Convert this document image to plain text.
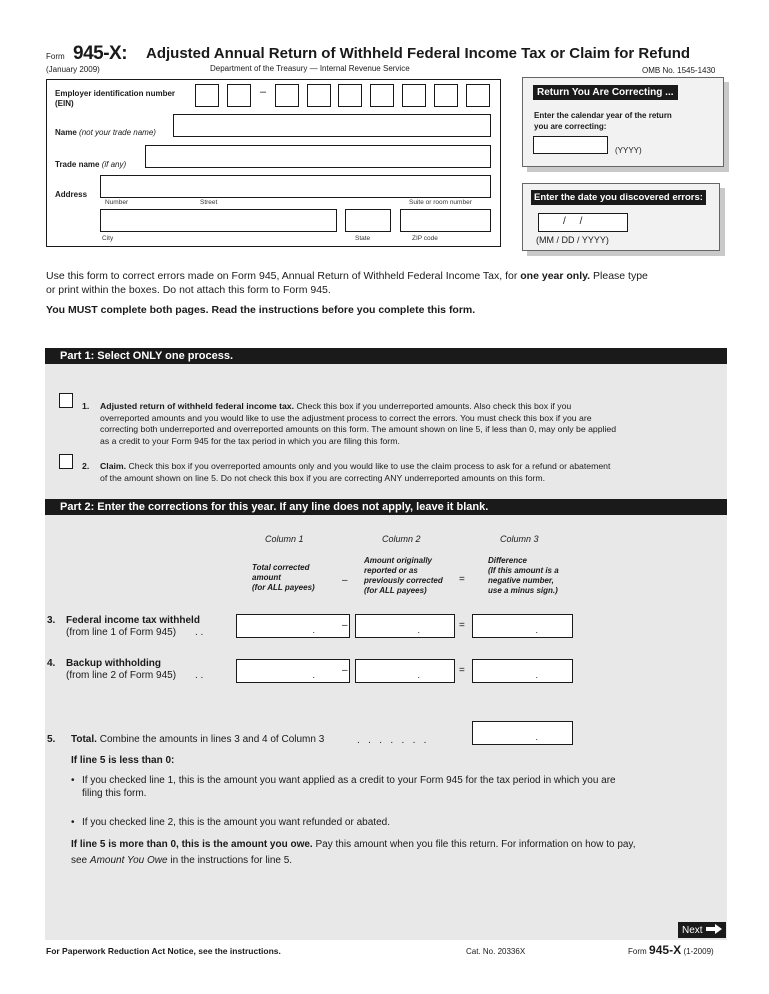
Form 945-X: Adjusted Annual Return of Withheld Federal Income Tax or Claim for Refund
(January 2009)	Department of the Treasury — Internal Revenue Service	OMB No. 1545-1430
Employer identification number
(EIN)
–
Name (not your trade name)
Trade name (if any)
Address
Number	Street	Suite or room number
City	State	ZIP code
Return You Are Correcting ...
Enter the calendar year of the return
you are correcting:
(YYYY)
Enter the date you discovered errors:
/     /
(MM / DD / YYYY)
Use this form to correct errors made on Form 945, Annual Return of Withheld Federal Income Tax, for one year only. Please type
or print within the boxes. Do not attach this form to Form 945.
You MUST complete both pages. Read the instructions before you complete this form.
Part 1: Select ONLY one process.
1. Adjusted return of withheld federal income tax. Check this box if you underreported amounts. Also check this box if you
overreported amounts and you would like to use the adjustment process to correct the errors. You must check this box if you are
correcting both underreported and overreported amounts on this form. The amount shown on line 5, if less than 0, may only be applied
as a credit to your Form 945 for the tax period in which you are filing this form.
2. Claim. Check this box if you overreported amounts only and you would like to use the claim process to ask for a refund or abatement
of the amount shown on line 5. Do not check this box if you are correcting ANY underreported amounts on this form.
Part 2: Enter the corrections for this year. If any line does not apply, leave it blank.
Column 1	Column 2	Column 3
Total corrected
amount
(for ALL payees)
–
Amount originally
reported or as
previously corrected
(for ALL payees)
=
Difference
(If this amount is a
negative number,
use a minus sign.)
3. Federal income tax withheld
(from line 1 of Form 945) . .	.	–	.	=	.
4. Backup withholding
(from line 2 of Form 945) . .	.	–	.	=	.
5. Total. Combine the amounts in lines 3 and 4 of Column 3	.   .   .   .   .   .   .	.
If line 5 is less than 0:
• If you checked line 1, this is the amount you want applied as a credit to your Form 945 for the tax period in which you are
filing this form.
• If you checked line 2, this is the amount you want refunded or abated.
If line 5 is more than 0, this is the amount you owe. Pay this amount when you file this return. For information on how to pay,
see Amount You Owe in the instructions for line 5.
Next
For Paperwork Reduction Act Notice, see the instructions.	Cat. No. 20336X	Form 945-X (1-2009)
